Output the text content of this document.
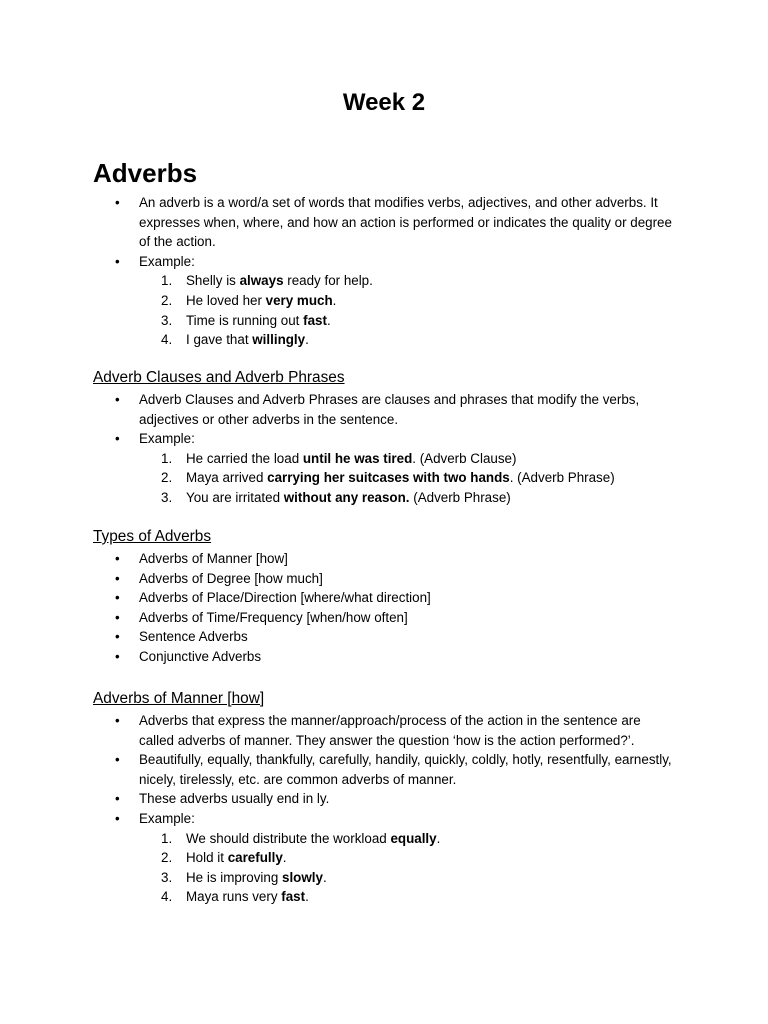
Week 2
Adverbs
• An adverb is a word/a set of words that modifies verbs, adjectives, and other adverbs. It expresses when, where, and how an action is performed or indicates the quality or degree of the action.
• Example:
1. Shelly is always ready for help.
2. He loved her very much.
3. Time is running out fast.
4. I gave that willingly.
Adverb Clauses and Adverb Phrases
• Adverb Clauses and Adverb Phrases are clauses and phrases that modify the verbs, adjectives or other adverbs in the sentence.
• Example:
1. He carried the load until he was tired. (Adverb Clause)
2. Maya arrived carrying her suitcases with two hands. (Adverb Phrase)
3. You are irritated without any reason. (Adverb Phrase)
Types of Adverbs
• Adverbs of Manner [how]
• Adverbs of Degree [how much]
• Adverbs of Place/Direction [where/what direction]
• Adverbs of Time/Frequency [when/how often]
• Sentence Adverbs
• Conjunctive Adverbs
Adverbs of Manner [how]
• Adverbs that express the manner/approach/process of the action in the sentence are called adverbs of manner. They answer the question ‘how is the action performed?’.
• Beautifully, equally, thankfully, carefully, handily, quickly, coldly, hotly, resentfully, earnestly, nicely, tirelessly, etc. are common adverbs of manner.
• These adverbs usually end in ly.
• Example:
1. We should distribute the workload equally.
2. Hold it carefully.
3. He is improving slowly.
4. Maya runs very fast.
